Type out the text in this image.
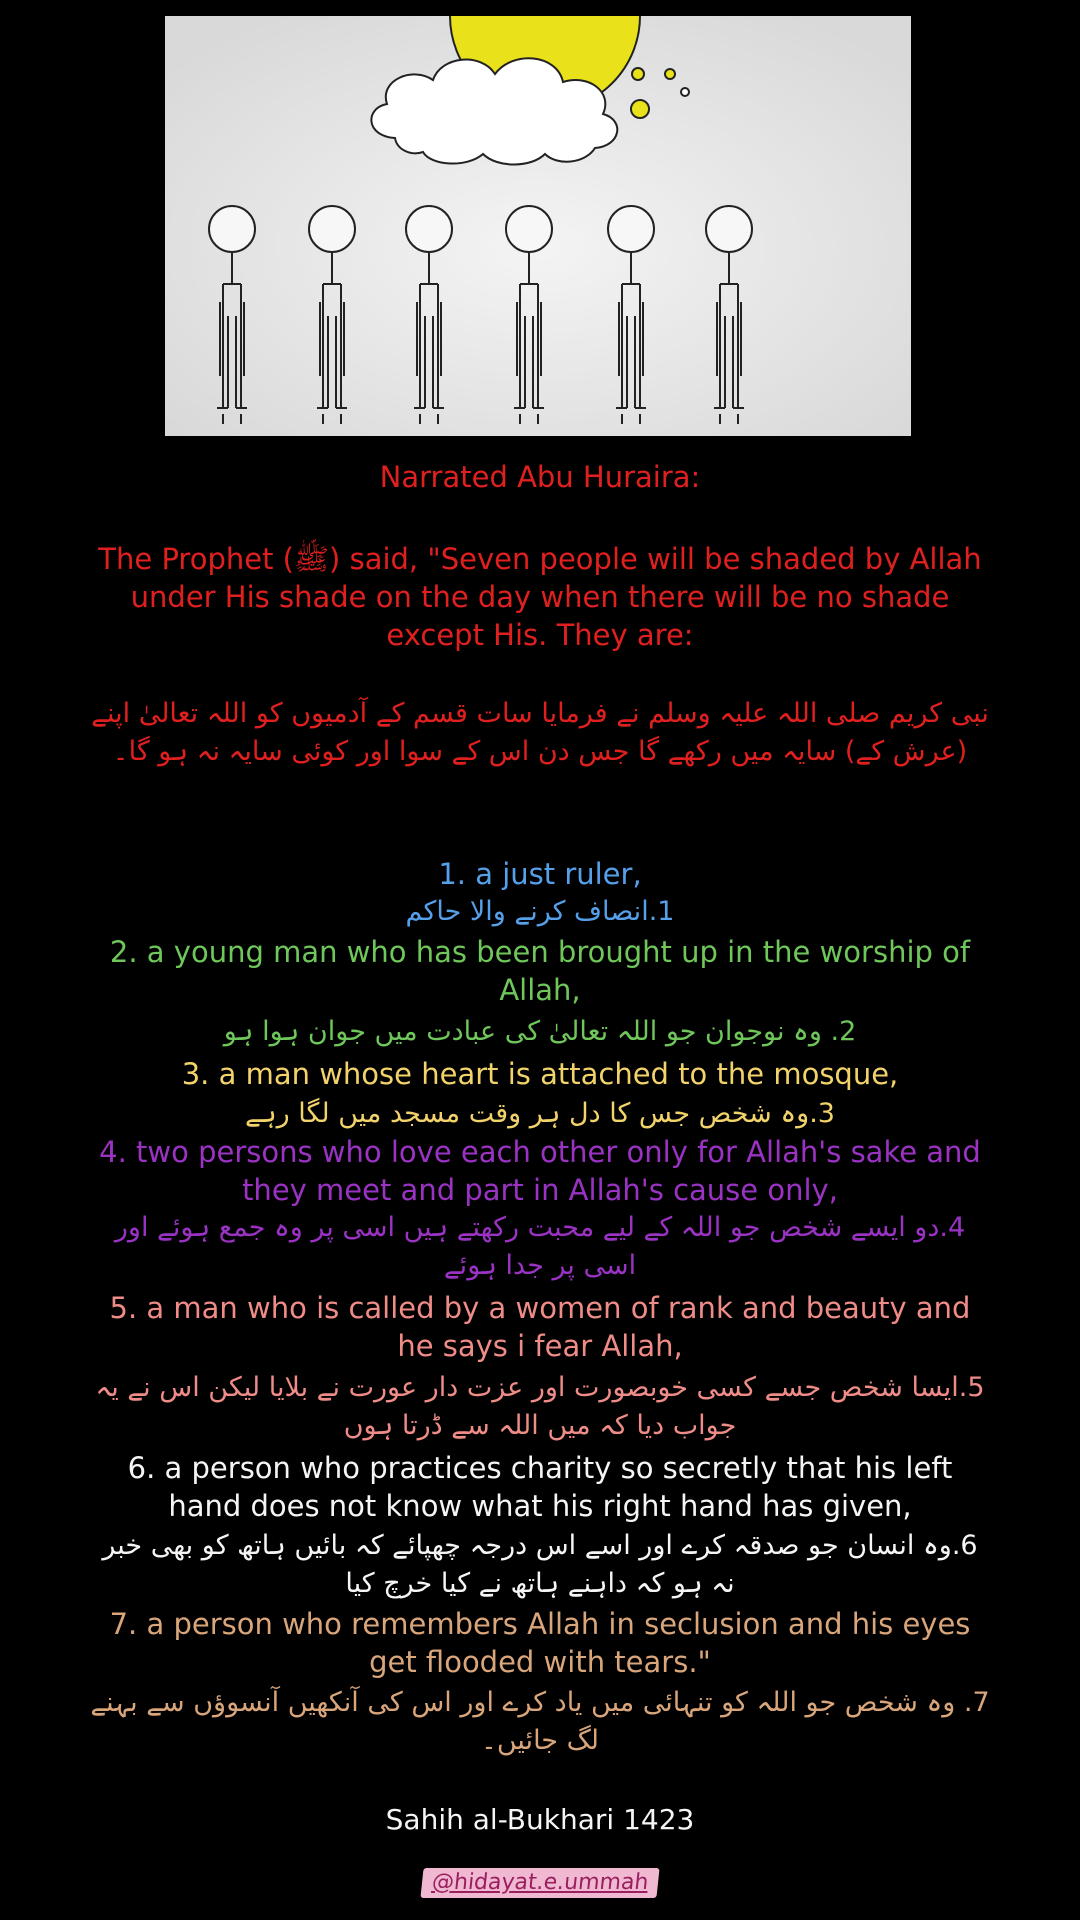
Narrated Abu Huraira:

The Prophet (ﷺ) said, "Seven people will be shaded by Allah under His shade on the day when there will be no shade except His. They are:

نبی کریم صلی اللہ علیہ وسلم نے فرمایا سات قسم کے آدمیوں کو اللہ تعالیٰ اپنے (عرش کے) سایہ میں رکھے گا جس دن اس کے سوا اور کوئی سایہ نہ ہو گا۔

1. a just ruler,

1.انصاف کرنے والا حاکم

2. a young man who has been brought up in the worship of Allah,

2. وہ نوجوان جو اللہ تعالیٰ کی عبادت میں جوان ہوا ہو

3. a man whose heart is attached to the mosque,

3.وہ شخص جس کا دل ہر وقت مسجد میں لگا رہے

4. two persons who love each other only for Allah's sake and they meet and part in Allah's cause only,

4.دو ایسے شخص جو اللہ کے لیے محبت رکھتے ہیں اسی پر وہ جمع ہوئے اور اسی پر جدا ہوئے

5. a man who is called by a women of rank and beauty and he says i fear Allah,

5.ایسا شخص جسے کسی خوبصورت اور عزت دار عورت نے بلایا لیکن اس نے یہ جواب دیا کہ میں اللہ سے ڈرتا ہوں

6. a person who practices charity so secretly that his left hand does not know what his right hand has given,

6.وہ انسان جو صدقہ کرے اور اسے اس درجہ چھپائے کہ بائیں ہاتھ کو بھی خبر نہ ہو کہ داہنے ہاتھ نے کیا خرچ کیا

7. a person who remembers Allah in seclusion and his eyes get flooded with tears."

7. وہ شخص جو اللہ کو تنہائی میں یاد کرے اور اس کی آنکھیں آنسوؤں سے بہنے لگ جائیں۔

Sahih al-Bukhari 1423
@hidayat.e.ummah
